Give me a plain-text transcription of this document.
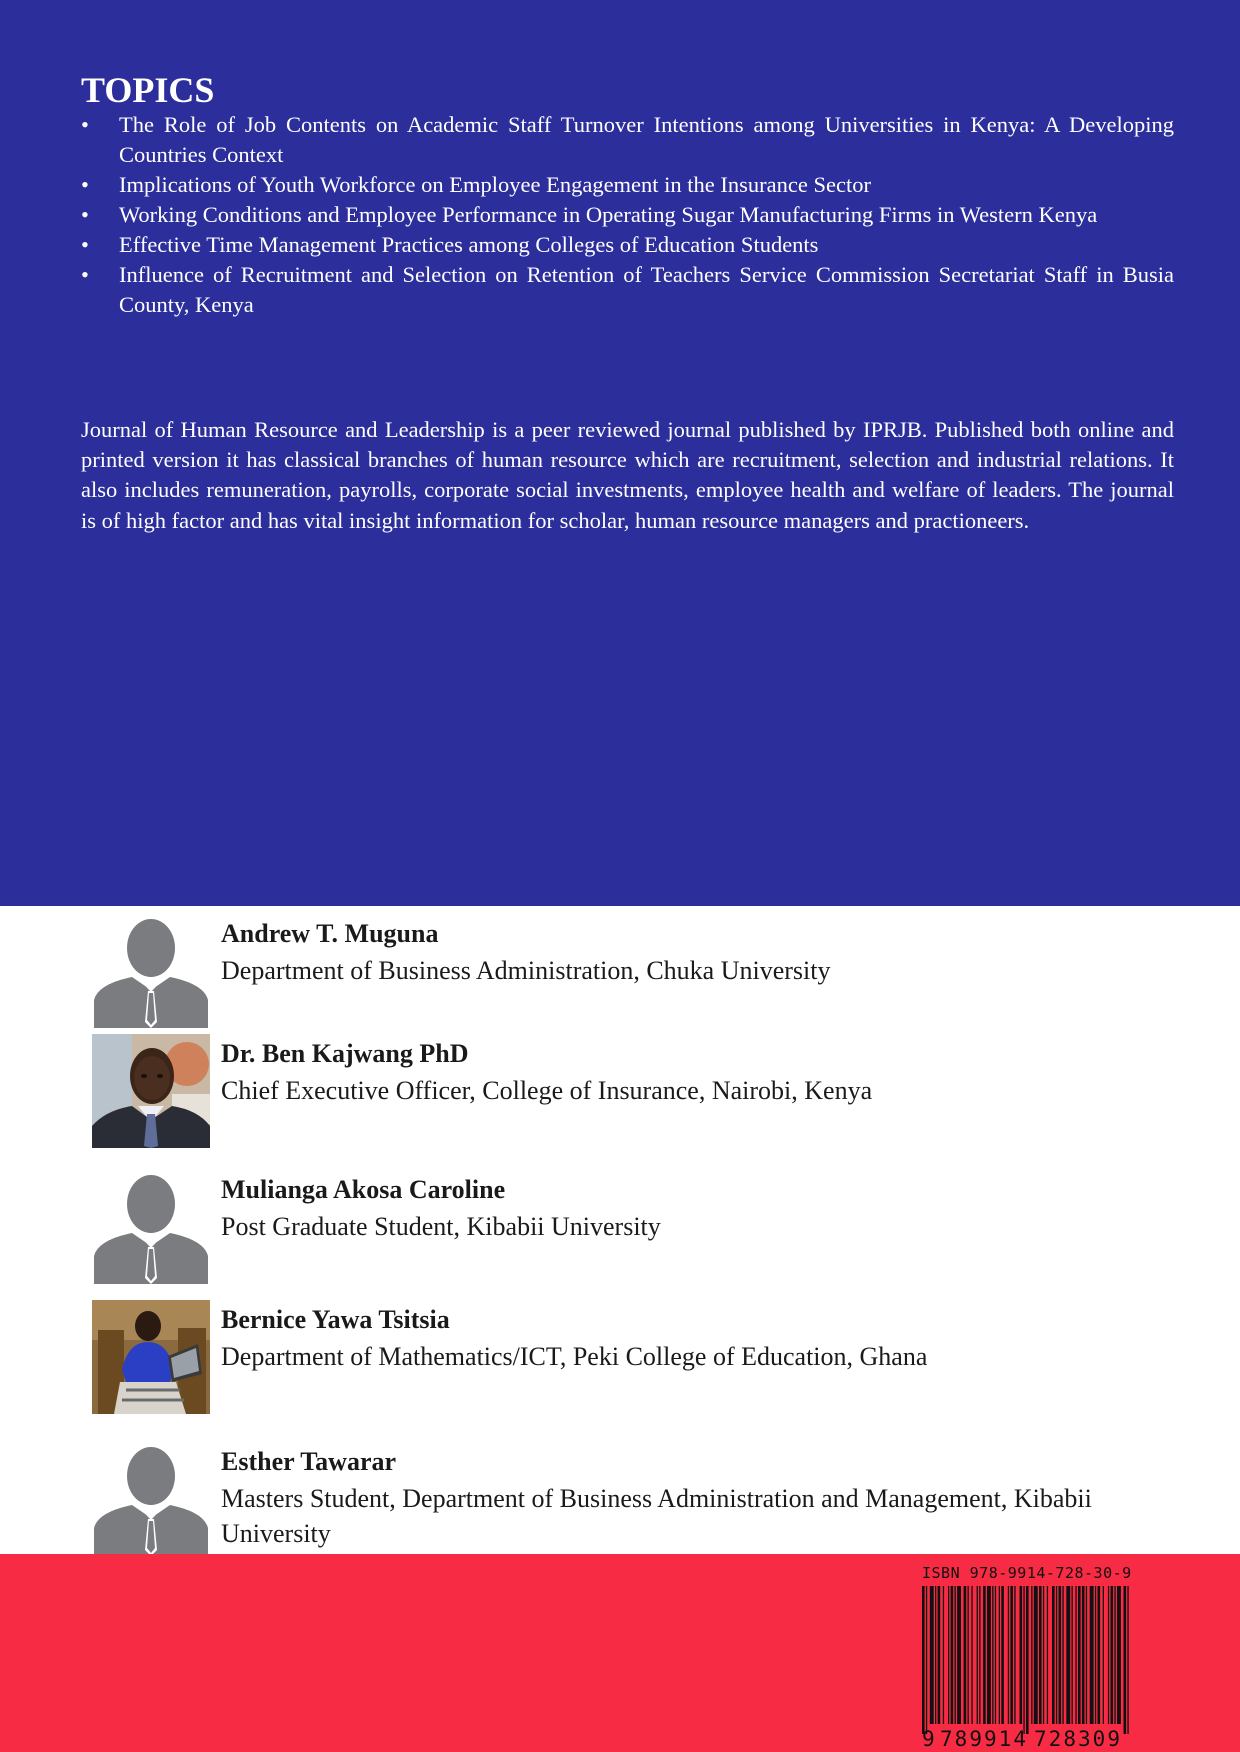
TOPICS
•	The Role of Job Contents on Academic Staff Turnover Intentions among Universities in Kenya: A Developing Countries Context
•	Implications of Youth Workforce on Employee Engagement in the Insurance Sector
•	Working Conditions and Employee Performance in Operating Sugar Manufacturing Firms in Western Kenya
•	Effective Time Management Practices among Colleges of Education Students
•	Influence of Recruitment and Selection on Retention of Teachers Service Commission Secretariat Staff in Busia County, Kenya

Journal of Human Resource and Leadership is a peer reviewed journal published by IPRJB. Published both online and printed version it has classical branches of human resource which are recruitment, selection and industrial relations. It also includes remuneration, payrolls, corporate social investments, employee health and welfare of leaders. The journal is of high factor and has vital insight information for scholar, human resource managers and practioneers.

Andrew T. Muguna
Department of Business Administration, Chuka University
Dr. Ben Kajwang PhD
Chief Executive Officer, College of Insurance, Nairobi, Kenya
Mulianga Akosa Caroline
Post Graduate Student, Kibabii University
Bernice Yawa Tsitsia
Department of Mathematics/ICT, Peki College of Education, Ghana
Esther Tawarar
Masters Student, Department of Business Administration and Management, Kibabii University
ISBN 978-9914-728-30-9
9 789914 728309
